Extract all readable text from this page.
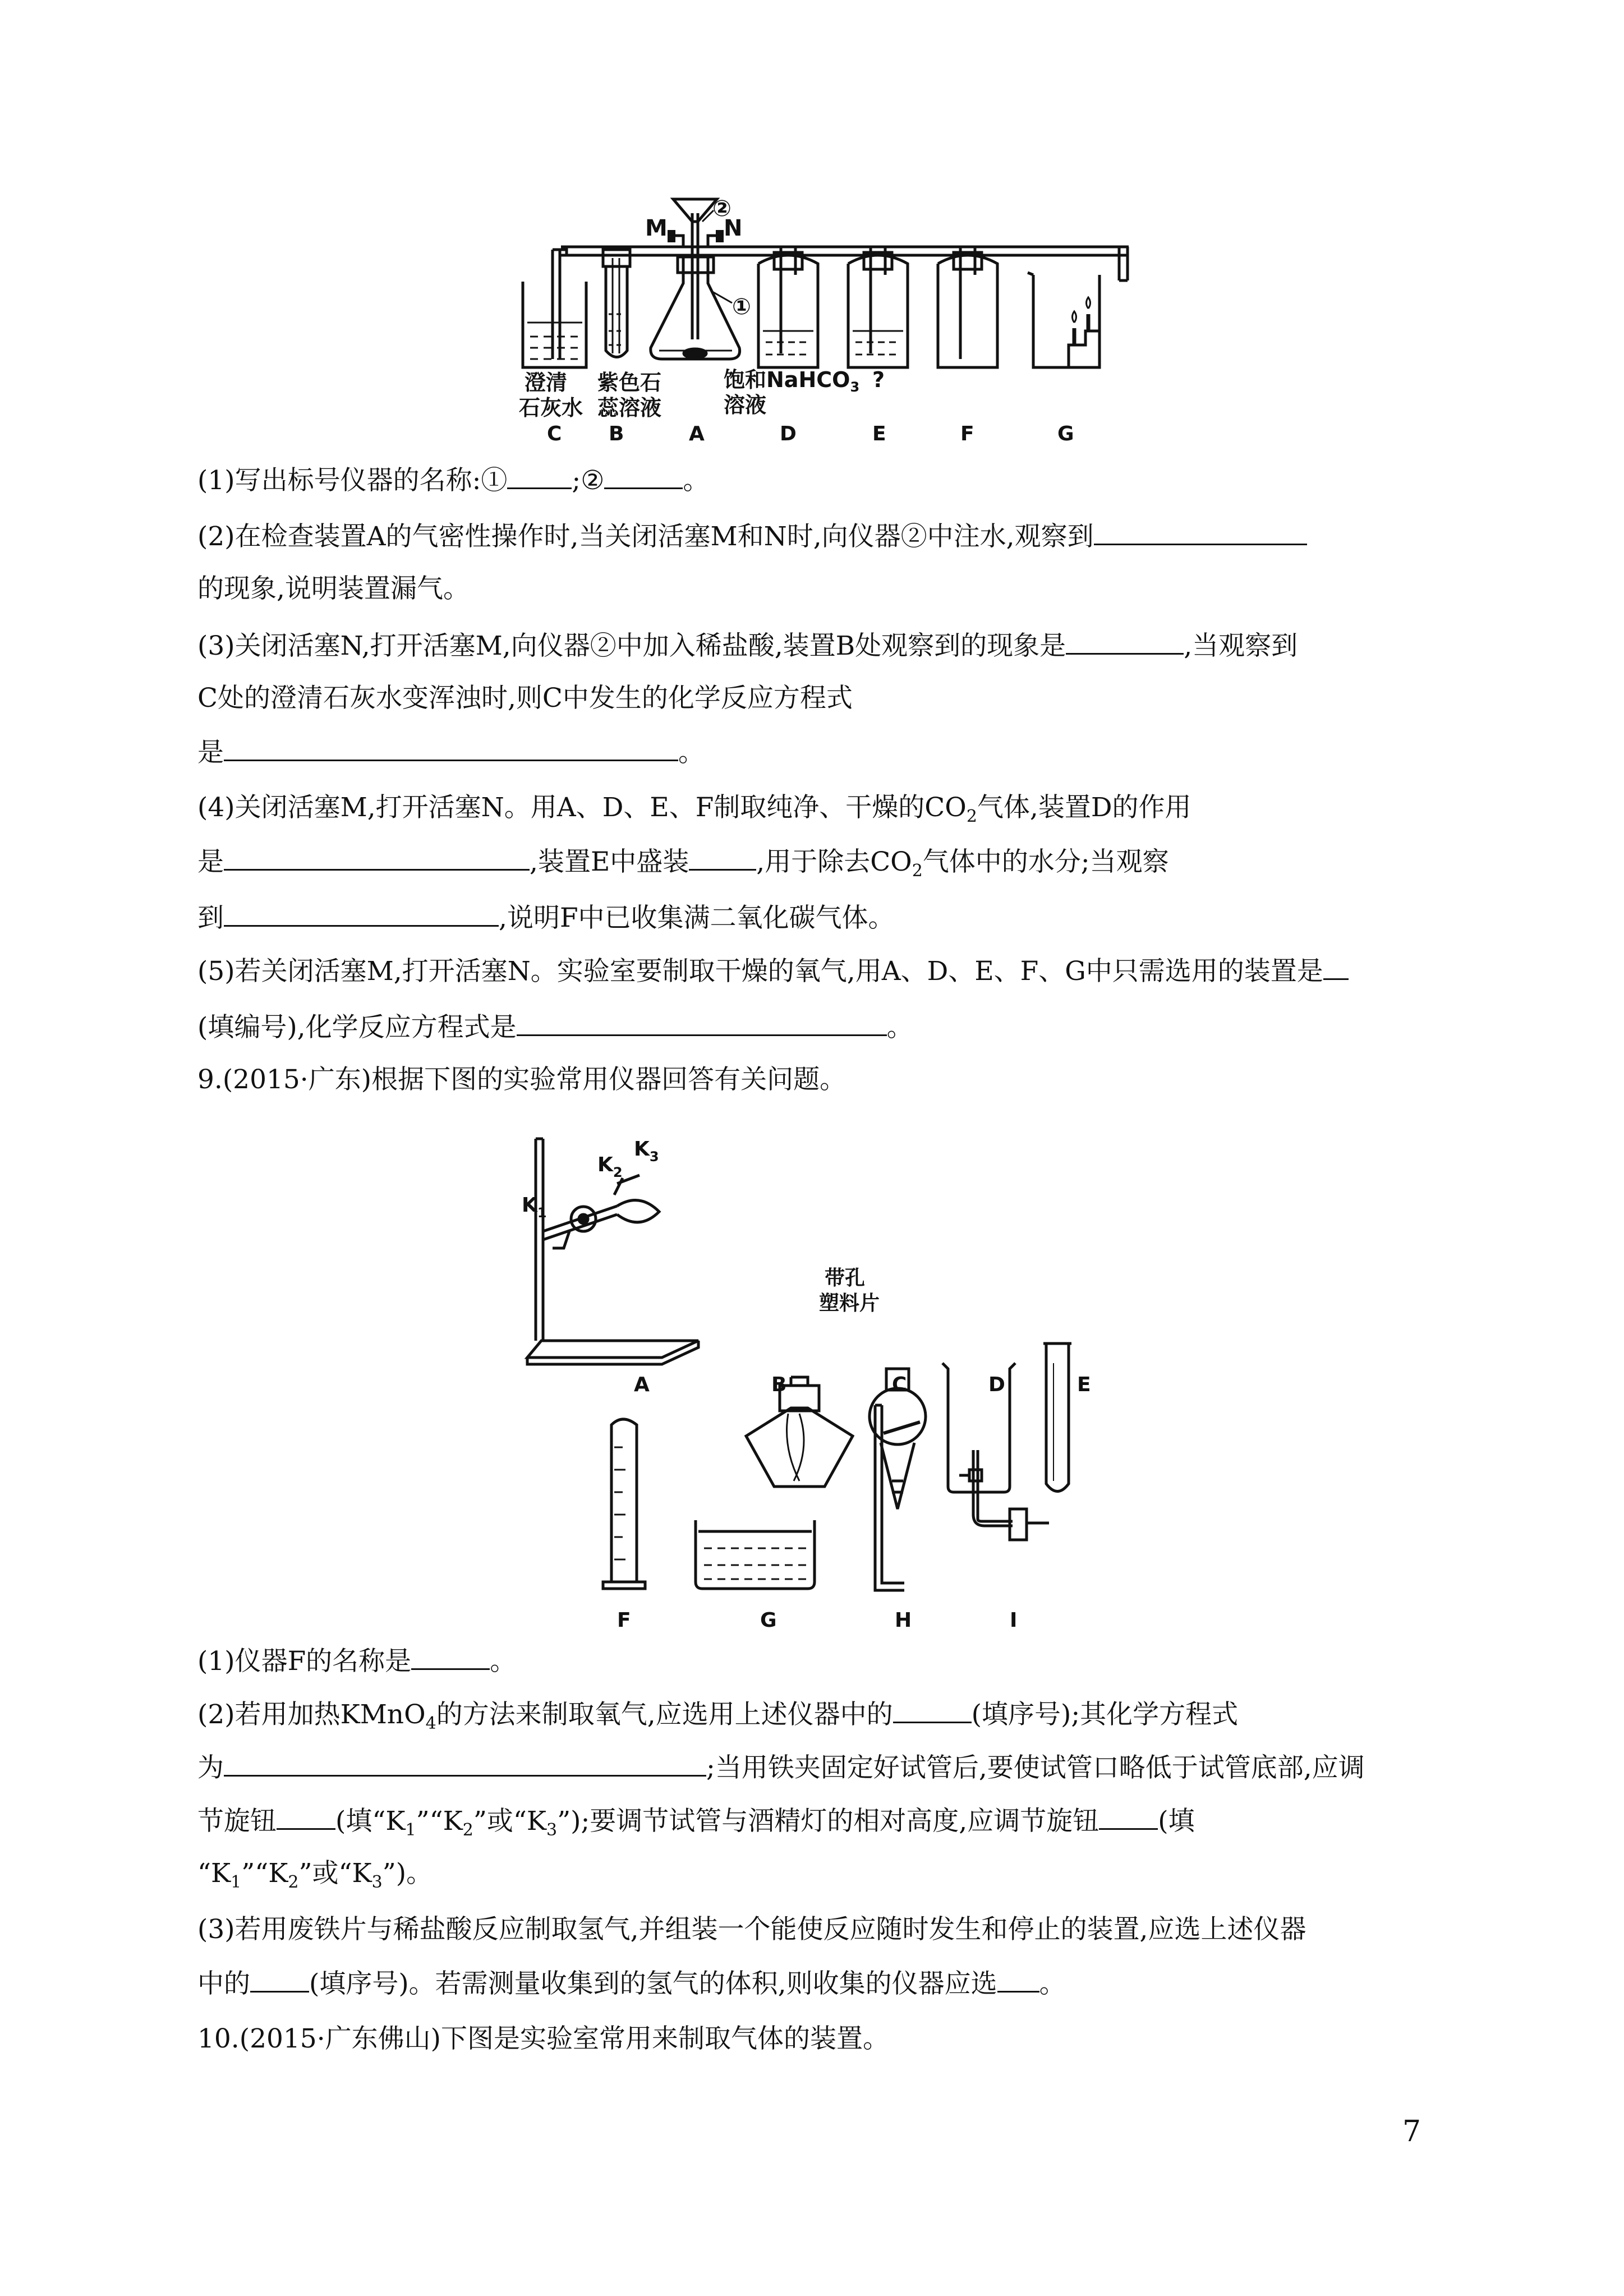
M	N
②
①
澄清
石灰水
紫色石
蕊溶液
饱和NaHCO$_3$
溶液
?
C B	A	D	E	F	G
(1)写出标号仪器的名称:① ;②	。
(2)在检查装置A的气密性操作时,当关闭活塞M和N时,向仪器②中注水,观察到
的现象,说明装置漏气。
(3)关闭活塞N,打开活塞M,向仪器②中加入稀盐酸,装置B处观察到的现象是	,当观察到
C处的澄清石灰水变浑浊时,则C中发生的化学反应方程式
是	。
(4)关闭活塞M,打开活塞N。用A、D、E、F制取纯净、干燥的$CO_2$气体,装置D的作用
是	,装置E中盛装	,用于除去$CO_2$气体中的水分;当观察
到	,说明F中已收集满二氧化碳气体。
(5)若关闭活塞M,打开活塞N。实验室要制取干燥的氧气,用A、D、E、F、G中只需选用的装置是
(填编号),化学反应方程式是	。
9.(2015·广东)根据下图的实验常用仪器回答有关问题。
$K_1$
$K_2$
$K_3$
带孔
塑料片
A	B	C	D	E
F	G	H	I
(1)仪器F的名称是	。
(2)若用加热KMnO$_4$的方法来制取氧气,应选用上述仪器中的	(填序号);其化学方程式
为	;当用铁夹固定好试管后,要使试管口略低于试管底部,应调
节旋钮 (填“$K_1”“K_2$”或“$K_3$”);要调节试管与酒精灯的相对高度,应调节旋钮 (填
“$K_1”“K_2$”或“$K_3$”)。
(3)若用废铁片与稀盐酸反应制取氢气,并组装一个能使反应随时发生和停止的装置,应选上述仪器
中的 (填序号)。若需测量收集到的氢气的体积,则收集的仪器应选 。
10.(2015·广东佛山)下图是实验室常用来制取气体的装置。
7
